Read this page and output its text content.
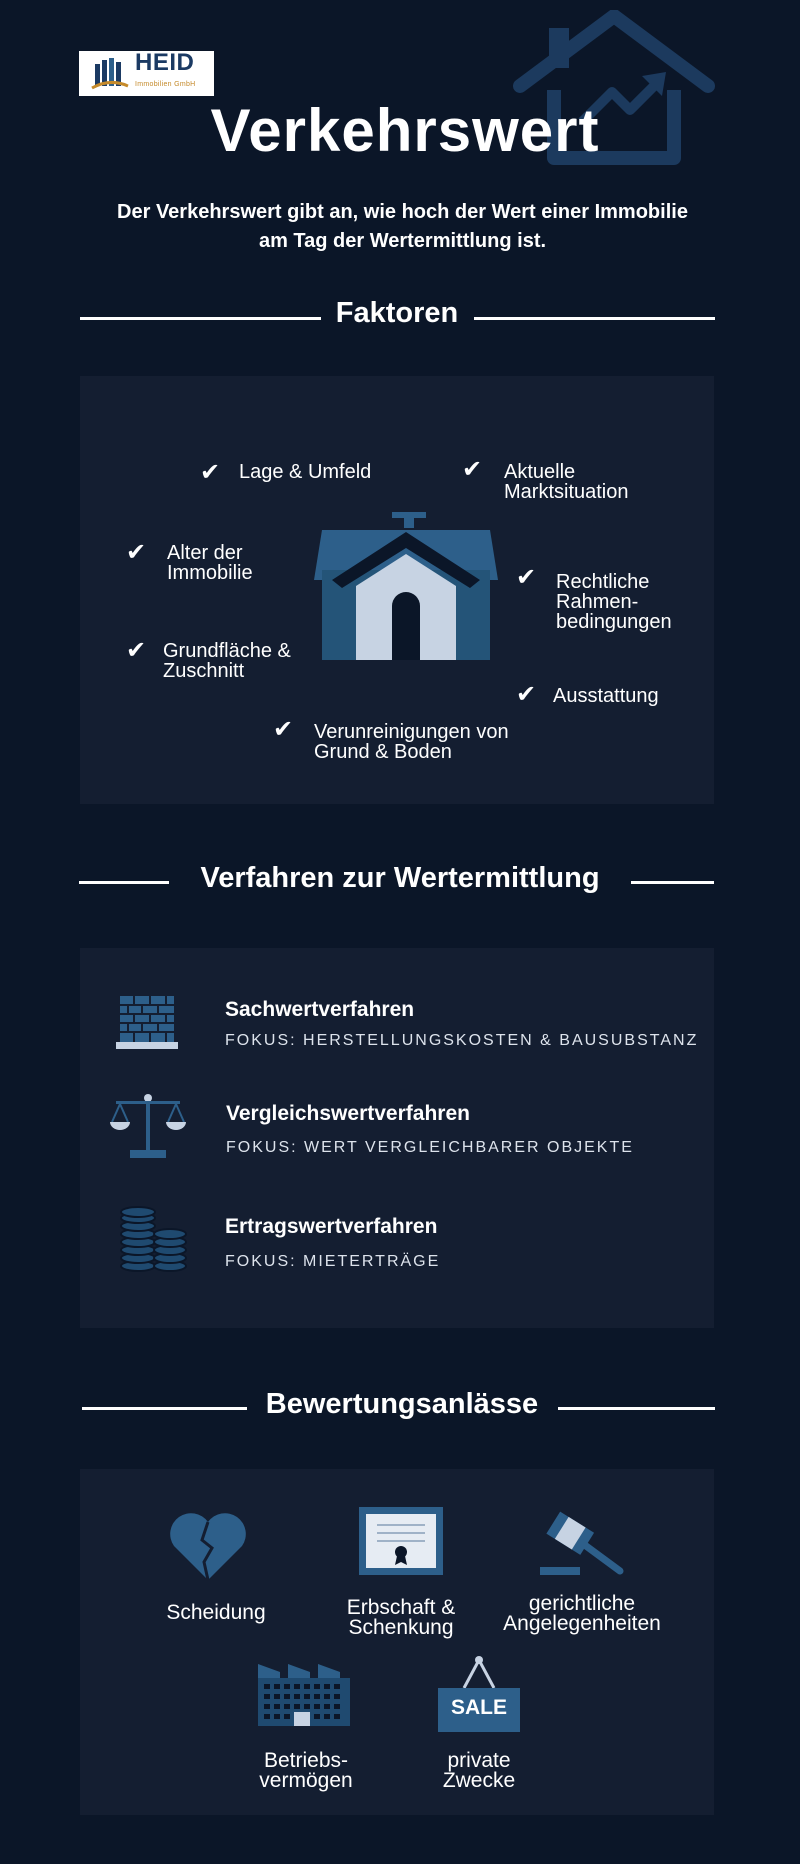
HEID
Immobilien GmbH
Verkehrswert
Der Verkehrswert gibt an, wie hoch der Wert einer Immobilie am Tag der Wertermittlung ist.
Faktoren
✔ Lage & Umfeld	✔ Aktuelle Marktsituation
✔ Alter der Immobilie	✔ Rechtliche Rahmen-bedingungen
✔ Grundfläche & Zuschnitt
✔ Ausstattung
✔ Verunreinigungen von Grund & Boden
Verfahren zur Wertermittlung
Sachwertverfahren
FOKUS: HERSTELLUNGSKOSTEN & BAUSUBSTANZ
Vergleichswertverfahren
FOKUS: WERT VERGLEICHBARER OBJEKTE
Ertragswertverfahren
FOKUS: MIETERTRÄGE
Bewertungsanlässe
Scheidung	Erbschaft & Schenkung
gerichtliche Angelegenheiten
Betriebs-vermögen
SALE
private Zwecke
